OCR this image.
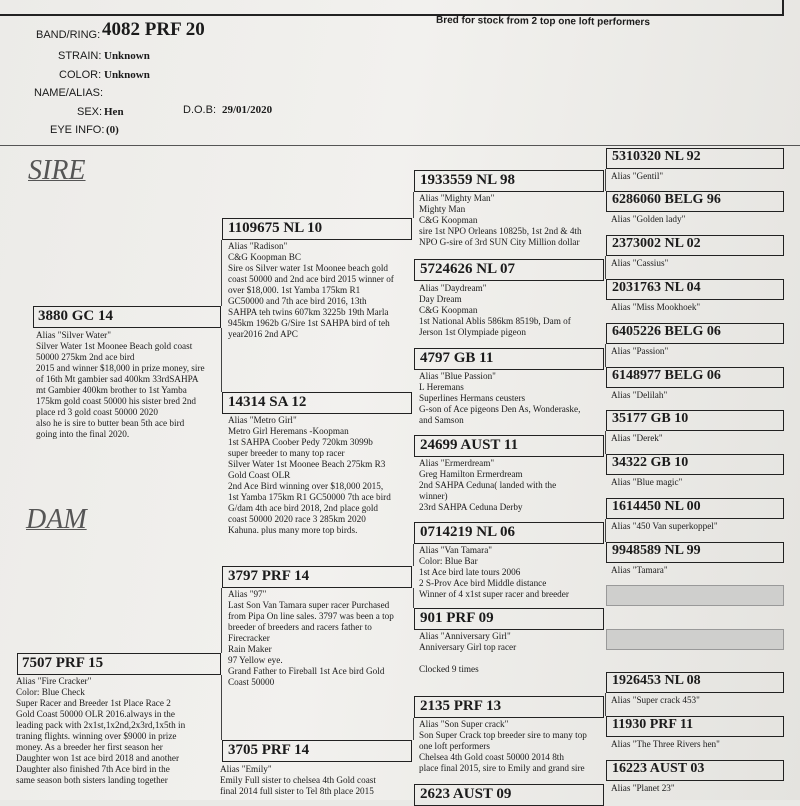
Bred for stock from 2 top one loft performers
BAND/RING: 4082 PRF 20
STRAIN: Unknown
COLOR: Unknown
NAME/ALIAS:
SEX: Hen	D.O.B: 29/01/2020
EYE INFO: (0)
SIRE
DAM
3880 GC 14
Alias "Silver Water"
Silver Water 1st Moonee Beach gold coast
50000 275km 2nd ace bird
2015 and winner $18,000 in prize money, sire
of 16th Mt gambier sad 400km 33rdSAHPA
mt Gambier 400km brother to 1st Yamba
175km gold coast 50000 his sister bred 2nd
place rd 3 gold coast 50000 2020
also he is sire to butter bean 5th ace bird
going into the final 2020.
7507 PRF 15
Alias "Fire Cracker"
Color: Blue Check
Super Racer and Breeder 1st Place Race 2
Gold Coast 50000 OLR 2016.always in the
leading pack with 2x1st,1x2nd,2x3rd,1x5th in
traning flights. winning over $9000 in prize
money. As a breeder her first season her
Daughter won 1st ace bird 2018 and another
Daughter also finished 7th Ace bird in the
same season both sisters landing together
1109675 NL 10
Alias "Radison"
C&G Koopman BC
Sire os Silver water 1st Moonee beach gold
coast 50000 and 2nd ace bird 2015 winner of
over $18,000. 1st Yamba 175km R1
GC50000 and 7th ace bird 2016, 13th
SAHPA teh twins 607km 3225b 19th Marla
945km 1962b G/Sire 1st SAHPA bird of teh
year2016 2nd APC
14314 SA 12
Alias "Metro Girl"
Metro Girl Heremans -Koopman
1st SAHPA Coober Pedy 720km 3099b
super breeder to many top racer
Silver Water 1st Moonee Beach 275km R3
Gold Coast OLR
2nd Ace Bird winning over $18,000 2015,
1st Yamba 175km R1 GC50000 7th ace bird
G/dam 4th ace bird 2018, 2nd place gold
coast 50000 2020 race 3 285km 2020
Kahuna. plus many more top birds.
3797 PRF 14
Alias "97"
Last Son Van Tamara super racer Purchased
from Pipa On line sales. 3797 was been a top
breeder of breeders and racers father to
Firecracker
Rain Maker
97 Yellow eye.
Grand Father to Fireball 1st Ace bird Gold
Coast 50000
3705 PRF 14
Alias "Emily"
Emily Full sister to chelsea 4th Gold coast
final 2014 full sister to Tel 8th place 2015
1933559 NL 98
Alias "Mighty Man"
Mighty Man
C&G Koopman
sire 1st NPO Orleans 10825b, 1st 2nd & 4th
NPO G-sire of 3rd SUN City Million dollar
5724626 NL 07
Alias "Daydream"
Day Dream
C&G Koopman
1st National Ablis 586km 8519b, Dam of
Jerson 1st Olympiade pigeon
4797 GB 11
Alias "Blue Passion"
L Heremans
Superlines Hermans ceusters
G-son of Ace pigeons Den As, Wonderaske,
and Samson
24699 AUST 11
Alias "Ermerdream"
Greg Hamilton Ermerdream
2nd SAHPA Ceduna( landed with the
winner)
23rd SAHPA Ceduna Derby
0714219 NL 06
Alias "Van Tamara"
Color: Blue Bar
1st Ace bird late tours 2006
2 S-Prov Ace bird Middle distance
Winner of 4 x1st super racer and breeder
901 PRF 09
Alias "Anniversary Girl"
Anniversary Girl top racer

Clocked 9 times
2135 PRF 13
Alias "Son Super crack"
Son Super Crack top breeder sire to many top
one loft performers
Chelsea 4th Gold coast 50000 2014 8th
place final 2015, sire to Emily and grand sire
2623 AUST 09
5310320 NL 92
Alias "Gentil"
6286060 BELG 96
Alias "Golden lady"
2373002 NL 02
Alias "Cassius"
2031763 NL 04
Alias "Miss Mookhoek"
6405226 BELG 06
Alias "Passion"
6148977 BELG 06
Alias "Delilah"
35177 GB 10
Alias "Derek"
34322 GB 10
Alias "Blue magic"
1614450 NL 00
Alias "450 Van superkoppel"
9948589 NL 99
Alias "Tamara"
1926453 NL 08
Alias "Super crack 453"
11930 PRF 11
Alias "The Three Rivers hen"
16223 AUST 03
Alias "Planet 23"
